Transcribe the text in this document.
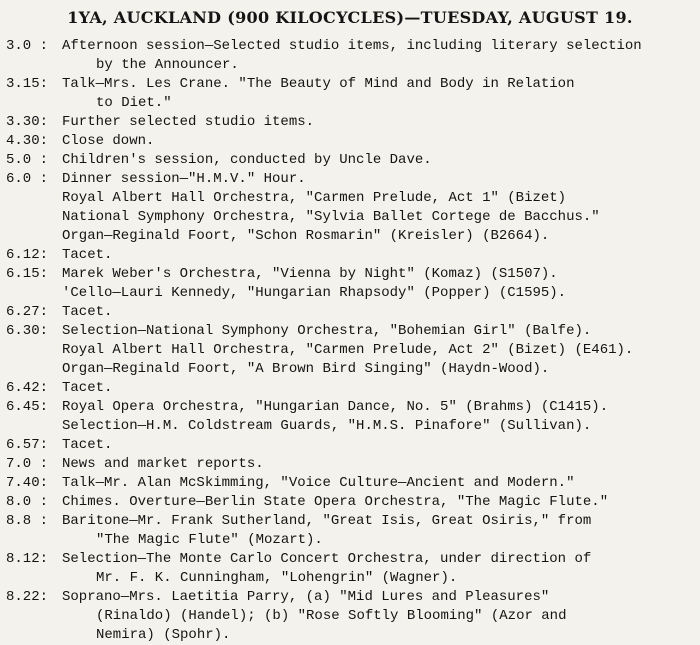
1YA, AUCKLAND (900 KILOCYCLES)—TUESDAY, AUGUST 19.
3.0 : Afternoon session—Selected studio items, including literary selection
by the Announcer.
3.15: Talk—Mrs. Les Crane. "The Beauty of Mind and Body in Relation
to Diet."
3.30: Further selected studio items.
4.30: Close down.
5.0 : Children's session, conducted by Uncle Dave.
6.0 : Dinner session—"H.M.V." Hour.
Royal Albert Hall Orchestra, "Carmen Prelude, Act 1" (Bizet)
National Symphony Orchestra, "Sylvia Ballet Cortege de Bacchus."
Organ—Reginald Foort, "Schon Rosmarin" (Kreisler) (B2664).
6.12: Tacet.
6.15: Marek Weber's Orchestra, "Vienna by Night" (Komaz) (S1507).
'Cello—Lauri Kennedy, "Hungarian Rhapsody" (Popper) (C1595).
6.27: Tacet.
6.30: Selection—National Symphony Orchestra, "Bohemian Girl" (Balfe).
Royal Albert Hall Orchestra, "Carmen Prelude, Act 2" (Bizet) (E461).
Organ—Reginald Foort, "A Brown Bird Singing" (Haydn-Wood).
6.42: Tacet.
6.45: Royal Opera Orchestra, "Hungarian Dance, No. 5" (Brahms) (C1415).
Selection—H.M. Coldstream Guards, "H.M.S. Pinafore" (Sullivan).
6.57: Tacet.
7.0 : News and market reports.
7.40: Talk—Mr. Alan McSkimming, "Voice Culture—Ancient and Modern."
8.0 : Chimes. Overture—Berlin State Opera Orchestra, "The Magic Flute."
8.8 : Baritone—Mr. Frank Sutherland, "Great Isis, Great Osiris," from
"The Magic Flute" (Mozart).
8.12: Selection—The Monte Carlo Concert Orchestra, under direction of
Mr. F. K. Cunningham, "Lohengrin" (Wagner).
8.22: Soprano—Mrs. Laetitia Parry, (a) "Mid Lures and Pleasures"
(Rinaldo) (Handel); (b) "Rose Softly Blooming" (Azor and
Nemira) (Spohr).
